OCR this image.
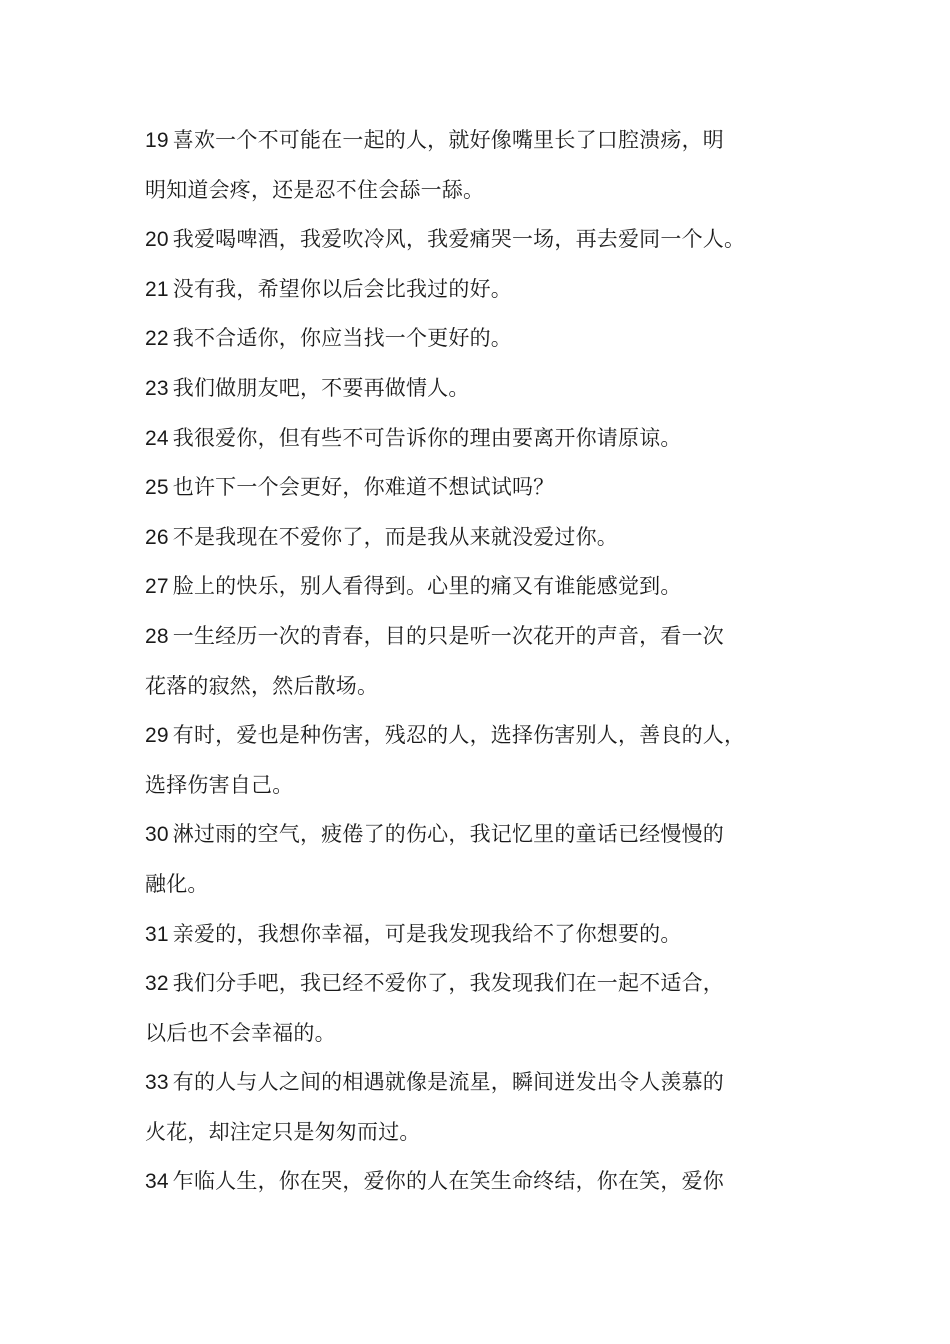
19 喜欢一个不可能在一起的人，就好像嘴里长了口腔溃疡，明
明知道会疼，还是忍不住会舔一舔。
20 我爱喝啤酒，我爱吹冷风，我爱痛哭一场，再去爱同一个人。
21 没有我，希望你以后会比我过的好。
22 我不合适你，你应当找一个更好的。
23 我们做朋友吧，不要再做情人。
24 我很爱你，但有些不可告诉你的理由要离开你请原谅。
25 也许下一个会更好，你难道不想试试吗？
26 不是我现在不爱你了，而是我从来就没爱过你。
27 脸上的快乐，别人看得到。心里的痛又有谁能感觉到。
28 一生经历一次的青春，目的只是听一次花开的声音，看一次
花落的寂然，然后散场。
29 有时，爱也是种伤害，残忍的人，选择伤害别人，善良的人，
选择伤害自己。
30 淋过雨的空气，疲倦了的伤心，我记忆里的童话已经慢慢的
融化。
31 亲爱的，我想你幸福，可是我发现我给不了你想要的。
32 我们分手吧，我已经不爱你了，我发现我们在一起不适合，
以后也不会幸福的。
33 有的人与人之间的相遇就像是流星，瞬间迸发出令人羡慕的
火花，却注定只是匆匆而过。
34 乍临人生，你在哭，爱你的人在笑生命终结，你在笑，爱你
